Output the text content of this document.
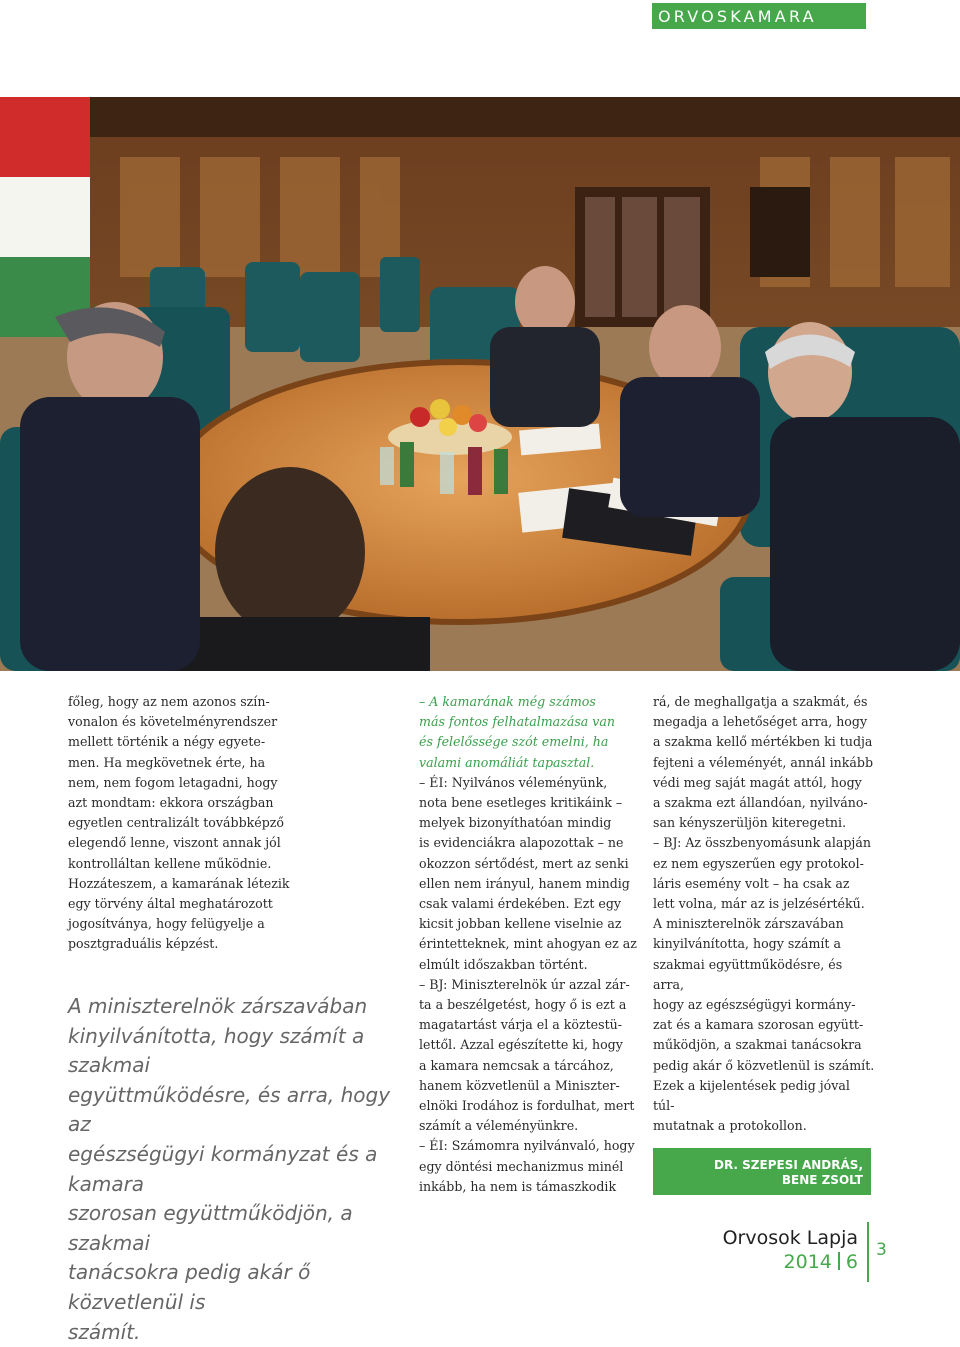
ORVOSKAMARA

főleg, hogy az nem azonos szín-

vonalon és követelményrendszer

mellett történik a négy egyete-

men. Ha megkövetnek érte, ha

nem, nem fogom letagadni, hogy

azt mondtam: ekkora országban

egyetlen centralizált továbbképző

elegendő lenne, viszont annak jól

kontrolláltan kellene működnie.

Hozzáteszem, a kamarának létezik

egy törvény által meghatározott

jogosítványa, hogy felügyelje a

posztgraduális képzést.

A miniszterelnök zárszavában
kinyilvánította, hogy számít a szakmai
együttműködésre, és arra, hogy az
egészségügyi kormányzat és a kamara
szorosan együttműködjön, a szakmai
tanácsokra pedig akár ő közvetlenül is
számít.

– A kamarának még számos

más fontos felhatalmazása van

és felelőssége szót emelni, ha

valami anomáliát tapasztal.

– ÉI: Nyilvános véleményünk,

nota bene esetleges kritikáink –

melyek bizonyíthatóan mindig

is evidenciákra alapozottak – ne

okozzon sértődést, mert az senki

ellen nem irányul, hanem mindig

csak valami érdekében. Ezt egy

kicsit jobban kellene viselnie az

érintetteknek, mint ahogyan ez az

elmúlt időszakban történt.

– BJ: Miniszterelnök úr azzal zár-

ta a beszélgetést, hogy ő is ezt a

magatartást várja el a köztestü-

lettől. Azzal egészítette ki, hogy

a kamara nemcsak a tárcához,

hanem közvetlenül a Miniszter-

elnöki Irodához is fordulhat, mert

számít a véleményünkre.

– ÉI: Számomra nyilvánvaló, hogy

egy döntési mechanizmus minél

inkább, ha nem is támaszkodik

rá, de meghallgatja a szakmát, és

megadja a lehetőséget arra, hogy

a szakma kellő mértékben ki tudja

fejteni a véleményét, annál inkább

védi meg saját magát attól, hogy

a szakma ezt állandóan, nyilváno-

san kényszerüljön kiteregetni.

– BJ: Az összbenyomásunk alapján

ez nem egyszerűen egy protokol-

láris esemény volt – ha csak az

lett volna, már az is jelzésértékű.

A miniszterelnök zárszavában

kinyilvánította, hogy számít a

szakmai együttműködésre, és arra,

hogy az egészségügyi kormány-

zat és a kamara szorosan együtt-

működjön, a szakmai tanácsokra

pedig akár ő közvetlenül is számít.

Ezek a kijelentések pedig jóval túl-

mutatnak a protokollon.

DR. SZEPESI ANDRÁS,
BENE ZSOLT
Orvosok Lapja
2014 6
3
